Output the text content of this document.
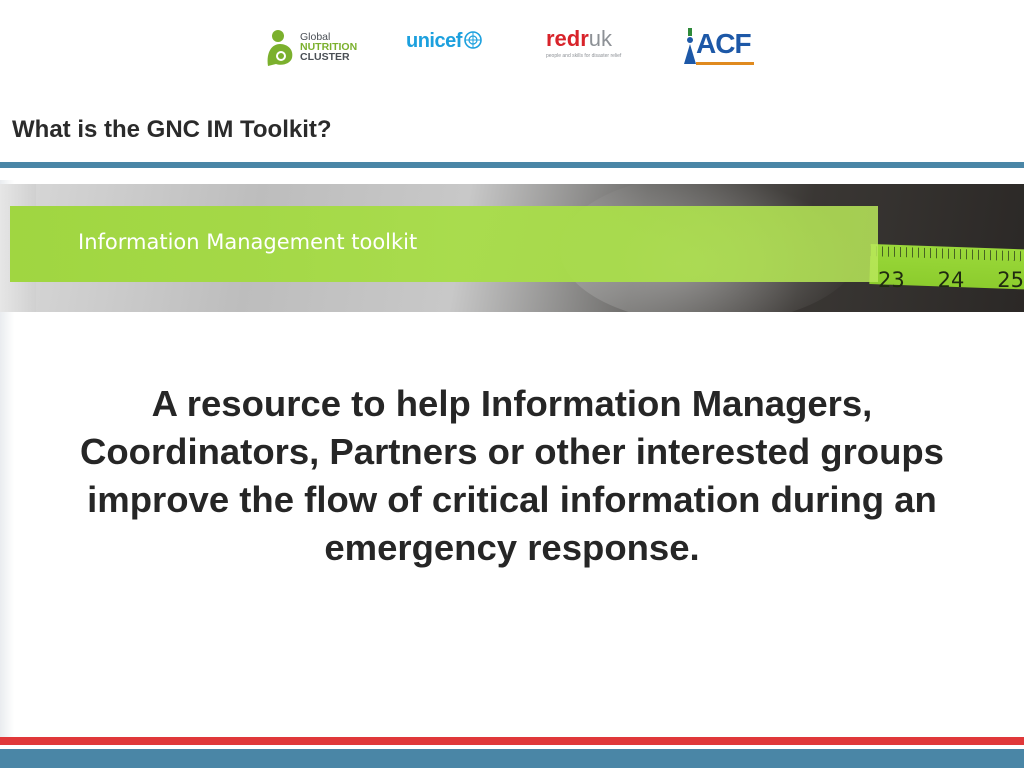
Global
NUTRITION
CLUSTER
unicef	redruk
people and skills for disaster relief	ACF
What is the GNC IM Toolkit?
23 24 25
Information Management toolkit

A resource to help Information Managers, Coordinators, Partners or other interested groups improve the flow of critical information during an emergency response.
